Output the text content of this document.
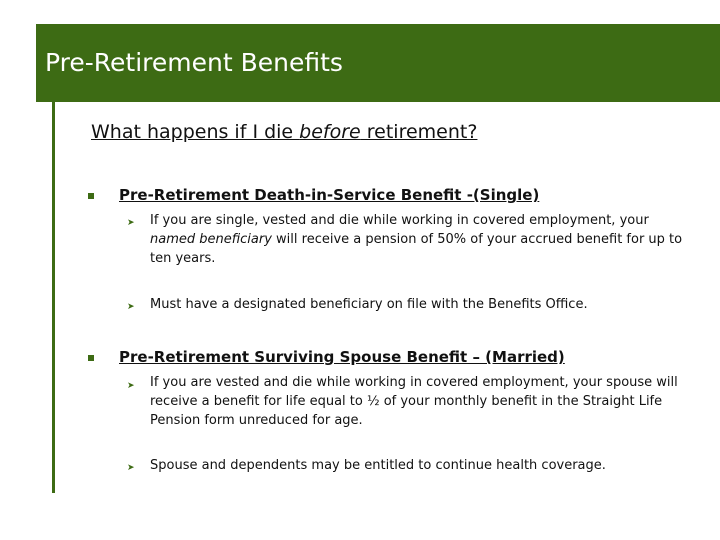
Pre-Retirement Benefits
What happens if I die before retirement?
Pre-Retirement Death-in-Service Benefit -(Single)
➤ If you are single, vested and die while working in covered employment, your named beneficiary will receive a pension of 50% of your accrued benefit for up to ten years.
➤ Must have a designated beneficiary on file with the Benefits Office.
Pre-Retirement Surviving Spouse Benefit – (Married)
➤ If you are vested and die while working in covered employment, your spouse will receive a benefit for life equal to ½ of your monthly benefit in the Straight Life Pension form unreduced for age.
➤ Spouse and dependents may be entitled to continue health coverage.
